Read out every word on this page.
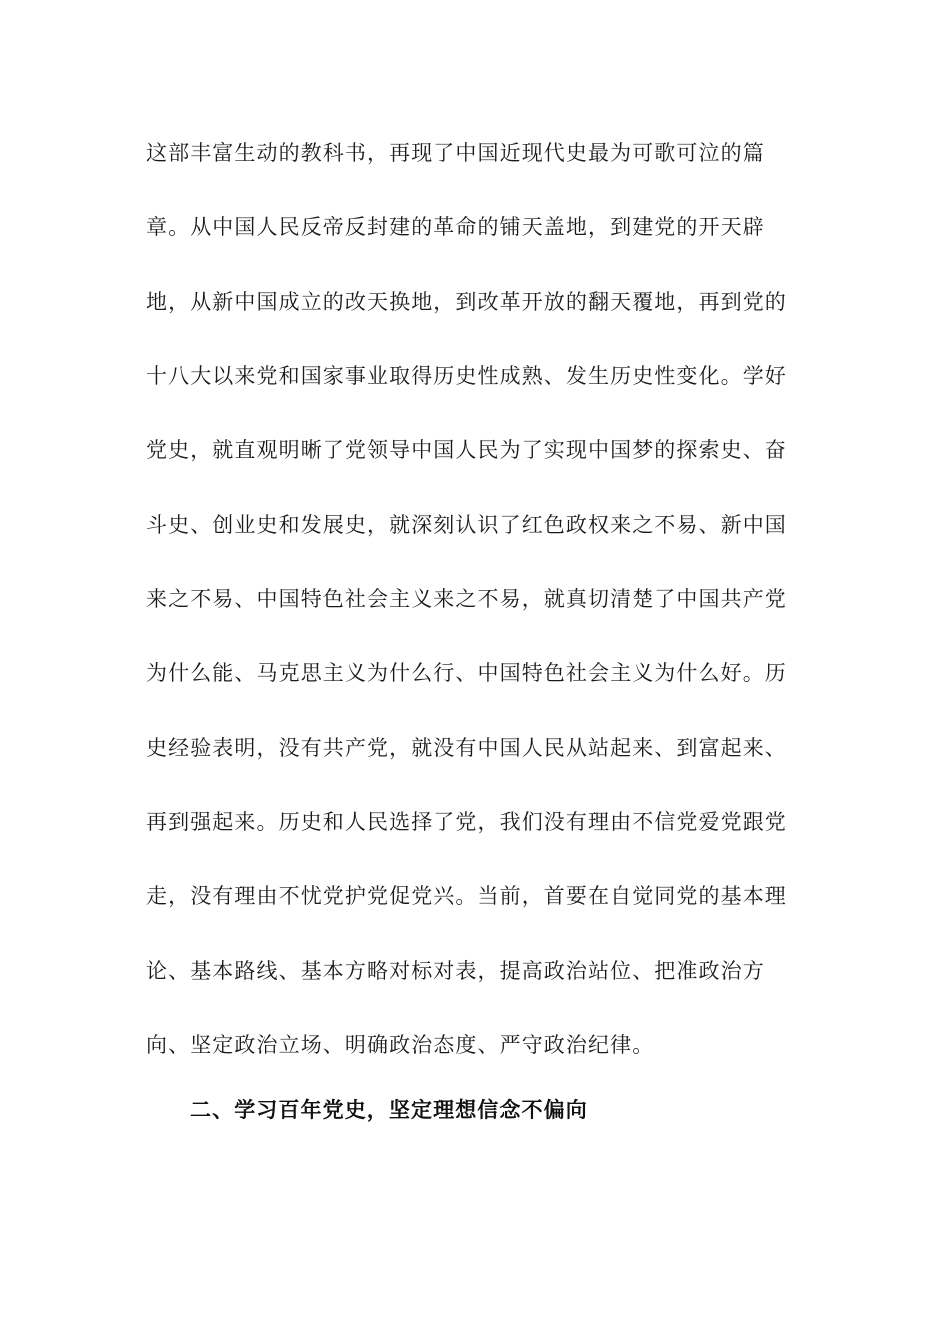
这部丰富生动的教科书，再现了中国近现代史最为可歌可泣的篇
章。从中国人民反帝反封建的革命的铺天盖地，到建党的开天辟
地，从新中国成立的改天换地，到改革开放的翻天覆地，再到党的
十八大以来党和国家事业取得历史性成熟、发生历史性变化。学好
党史，就直观明晰了党领导中国人民为了实现中国梦的探索史、奋
斗史、创业史和发展史，就深刻认识了红色政权来之不易、新中国
来之不易、中国特色社会主义来之不易，就真切清楚了中国共产党
为什么能、马克思主义为什么行、中国特色社会主义为什么好。历
史经验表明，没有共产党，就没有中国人民从站起来、到富起来、
再到强起来。历史和人民选择了党，我们没有理由不信党爱党跟党
走，没有理由不忧党护党促党兴。当前，首要在自觉同党的基本理
论、基本路线、基本方略对标对表，提高政治站位、把准政治方
向、坚定政治立场、明确政治态度、严守政治纪律。
二、学习百年党史，坚定理想信念不偏向
